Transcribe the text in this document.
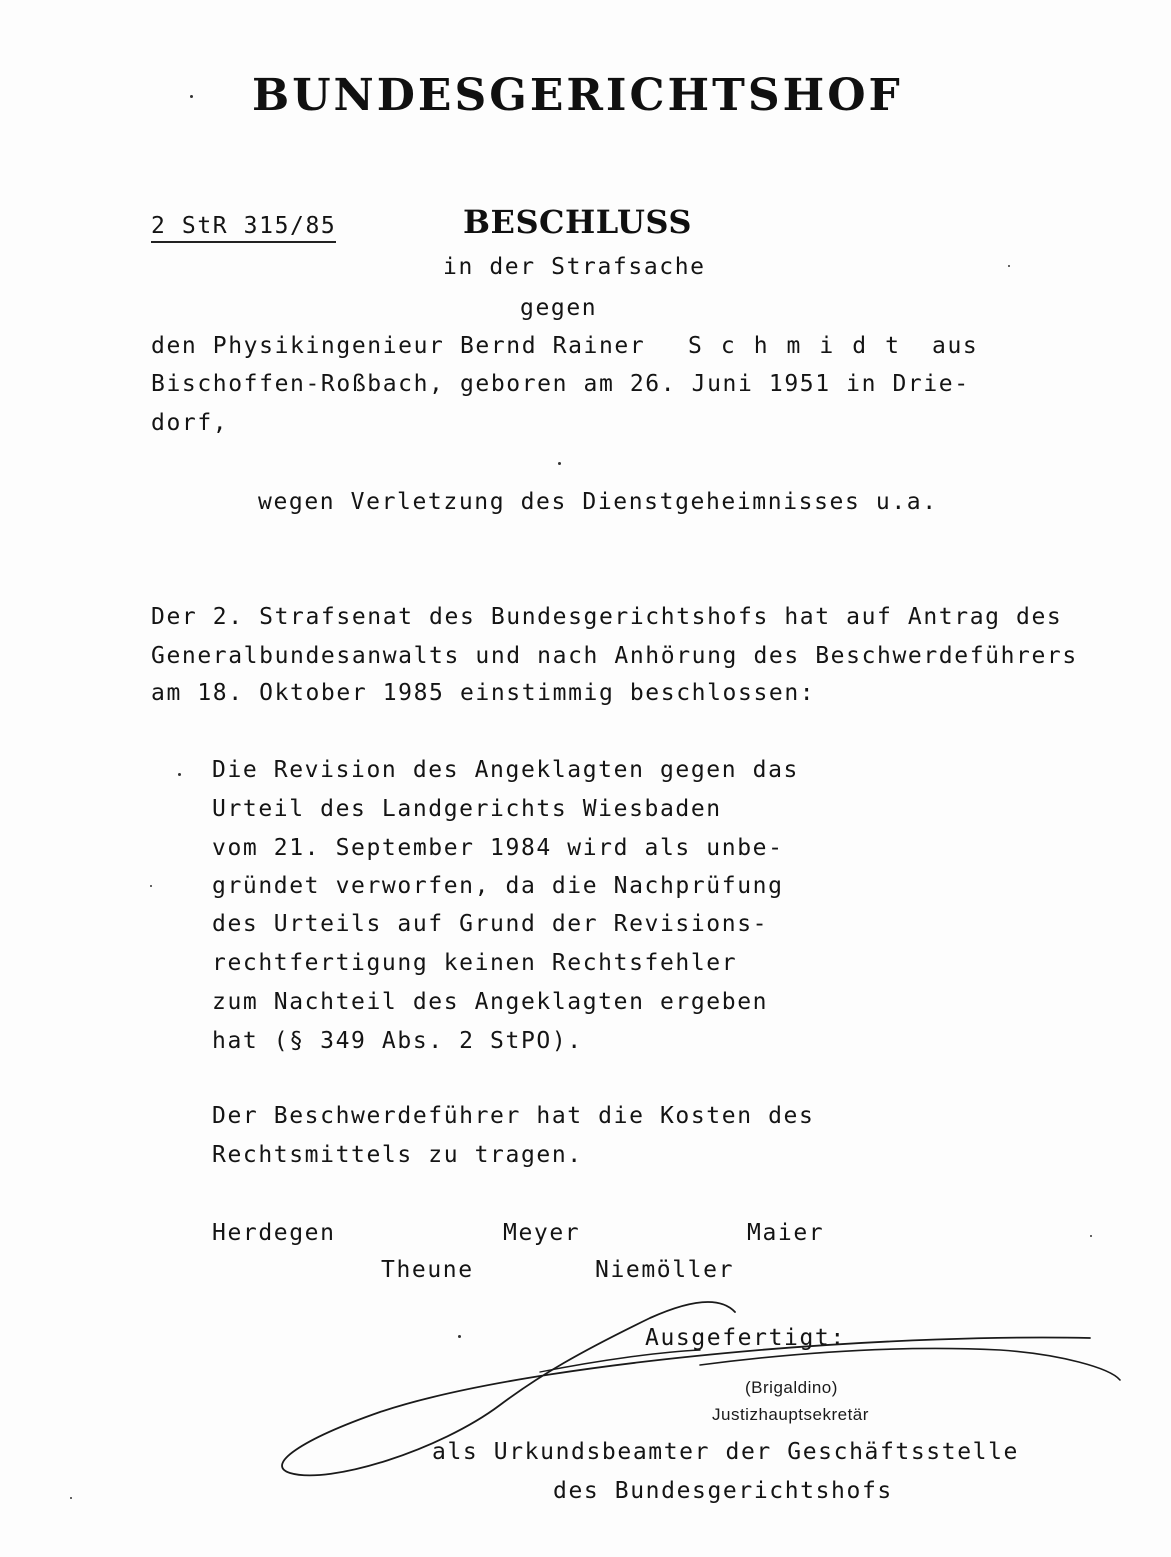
BUNDESGERICHTSHOF
2 StR 315/85	BESCHLUSS
in der Strafsache
gegen
den Physikingenieur Bernd Rainer Schmidt aus
Bischoffen-Roßbach, geboren am 26. Juni 1951 in Drie-
dorf,
wegen Verletzung des Dienstgeheimnisses u.a.
Der 2. Strafsenat des Bundesgerichtshofs hat auf Antrag des
Generalbundesanwalts und nach Anhörung des Beschwerdeführers
am 18. Oktober 1985 einstimmig beschlossen:
Die Revision des Angeklagten gegen das
Urteil des Landgerichts Wiesbaden
vom 21. September 1984 wird als unbe-
gründet verworfen, da die Nachprüfung
des Urteils auf Grund der Revisions-
rechtfertigung keinen Rechtsfehler
zum Nachteil des Angeklagten ergeben
hat (§ 349 Abs. 2 StPO).
Der Beschwerdeführer hat die Kosten des
Rechtsmittels zu tragen.
Herdegen	Meyer	Maier
Theune	Niemöller
Ausgefertigt:
(Brigaldino)
Justizhauptsekretär
als Urkundsbeamter der Geschäftsstelle
des Bundesgerichtshofs
